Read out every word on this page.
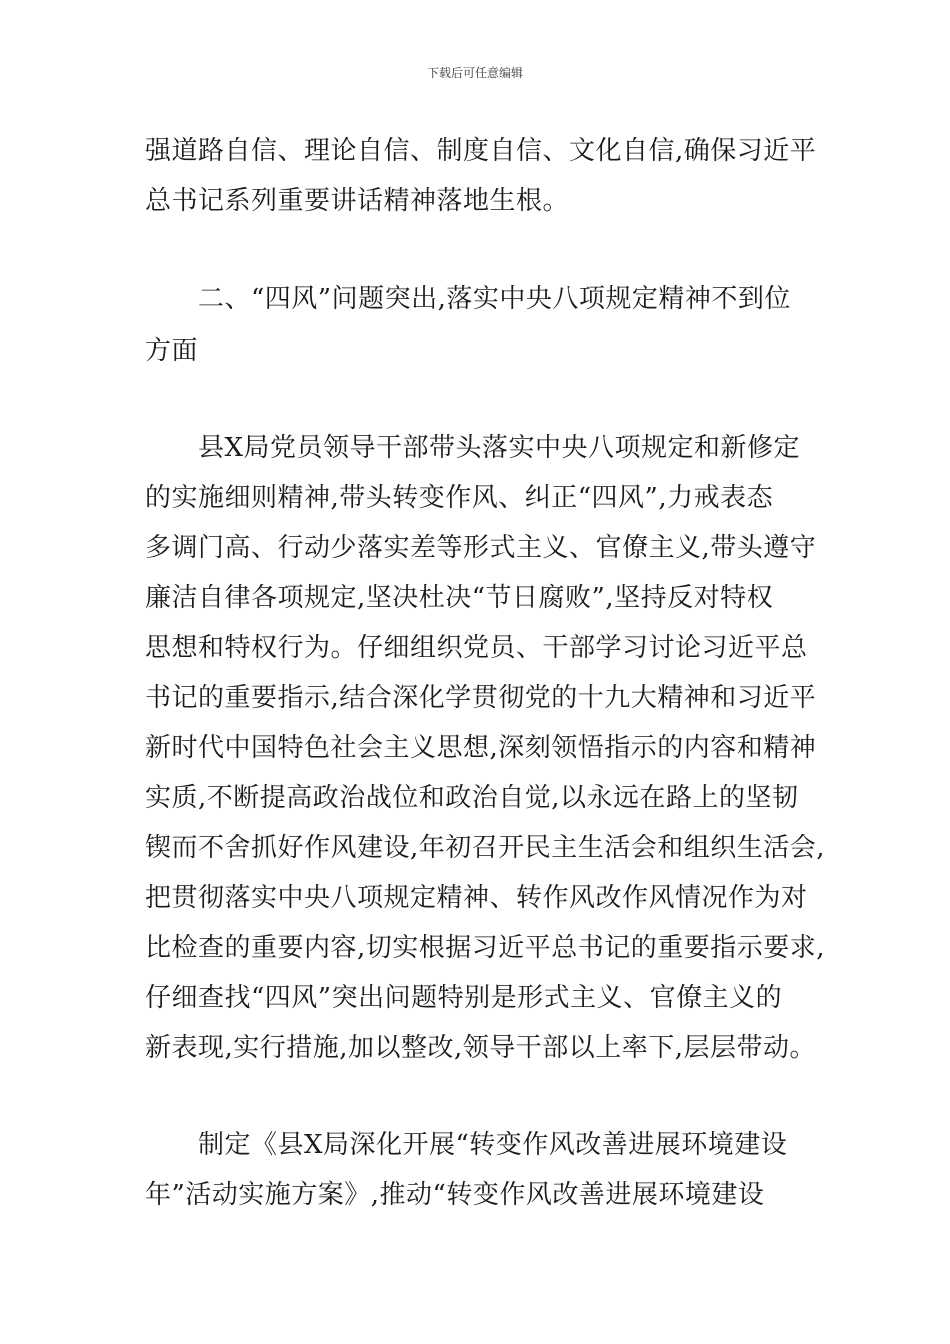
下载后可任意编辑
强道路自信、理论自信、制度自信、文化自信,确保习近平
总书记系列重要讲话精神落地生根。
二、“四风”问题突出,落实中央八项规定精神不到位
方面
县X局党员领导干部带头落实中央八项规定和新修定
的实施细则精神,带头转变作风、纠正“四风”,力戒表态
多调门高、行动少落实差等形式主义、官僚主义,带头遵守
廉洁自律各项规定,坚决杜决“节日腐败”,坚持反对特权
思想和特权行为。仔细组织党员、干部学习讨论习近平总
书记的重要指示,结合深化学贯彻党的十九大精神和习近平
新时代中国特色社会主义思想,深刻领悟指示的内容和精神
实质,不断提高政治战位和政治自觉,以永远在路上的坚韧
锲而不舍抓好作风建设,年初召开民主生活会和组织生活会,
把贯彻落实中央八项规定精神、转作风改作风情况作为对
比检查的重要内容,切实根据习近平总书记的重要指示要求,
仔细查找“四风”突出问题特别是形式主义、官僚主义的
新表现,实行措施,加以整改,领导干部以上率下,层层带动。
制定《县X局深化开展“转变作风改善进展环境建设
年”活动实施方案》,推动“转变作风改善进展环境建设
